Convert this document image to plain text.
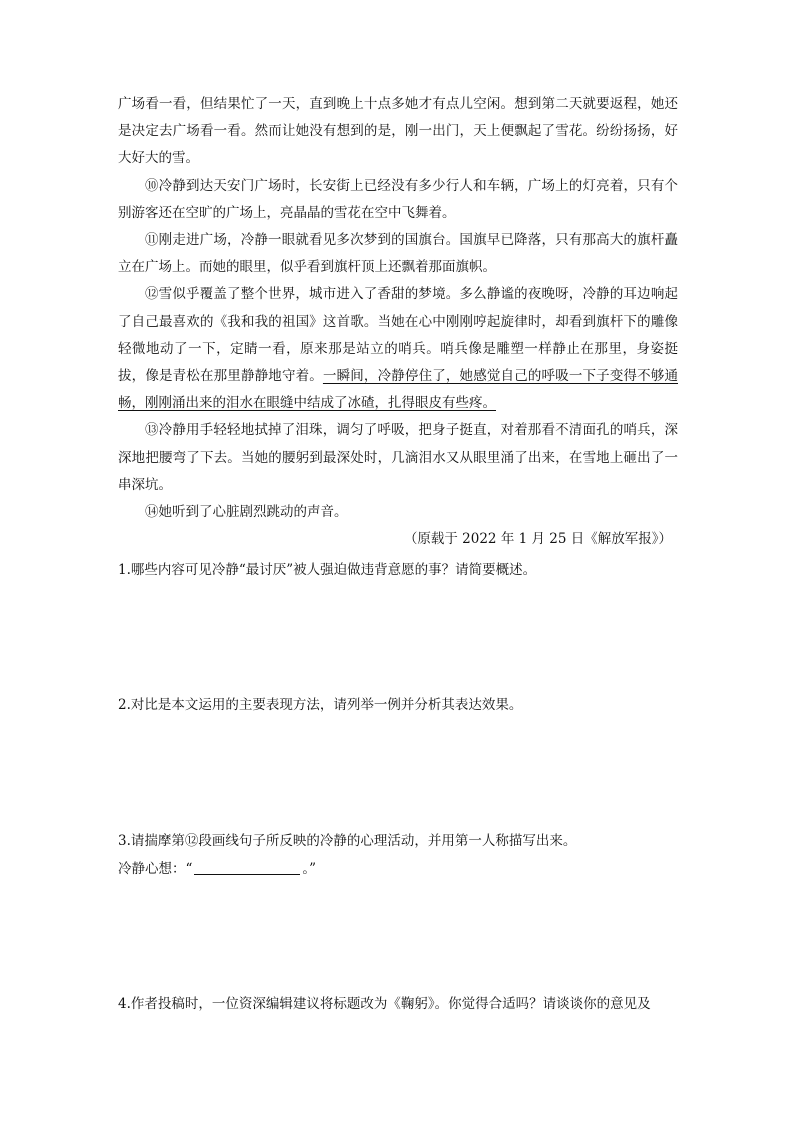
广场看一看，但结果忙了一天，直到晚上十点多她才有点儿空闲。想到第二天就要返程，她还是决定去广场看一看。然而让她没有想到的是，刚一出门，天上便飘起了雪花。纷纷扬扬，好大好大的雪。

⑩冷静到达天安门广场时，长安街上已经没有多少行人和车辆，广场上的灯亮着，只有个别游客还在空旷的广场上，亮晶晶的雪花在空中飞舞着。

⑪刚走进广场，冷静一眼就看见多次梦到的国旗台。国旗早已降落，只有那高大的旗杆矗立在广场上。而她的眼里，似乎看到旗杆顶上还飘着那面旗帜。

⑫雪似乎覆盖了整个世界，城市进入了香甜的梦境。多么静谧的夜晚呀，冷静的耳边响起了自己最喜欢的《我和我的祖国》这首歌。当她在心中刚刚哼起旋律时，却看到旗杆下的雕像轻微地动了一下，定睛一看，原来那是站立的哨兵。哨兵像是雕塑一样静止在那里，身姿挺拔，像是青松在那里静静地守着。一瞬间，冷静停住了，她感觉自己的呼吸一下子变得不够通畅，刚刚涌出来的泪水在眼缝中结成了冰碴，扎得眼皮有些疼。

⑬冷静用手轻轻地拭掉了泪珠，调匀了呼吸，把身子挺直，对着那看不清面孔的哨兵，深深地把腰弯了下去。当她的腰躬到最深处时，几滴泪水又从眼里涌了出来，在雪地上砸出了一串深坑。

⑭她听到了心脏剧烈跳动的声音。

（原载于 2022 年 1 月 25 日《解放军报》）

1.哪些内容可见冷静“最讨厌”被人强迫做违背意愿的事？请简要概述。

2.对比是本文运用的主要表现方法，请列举一例并分析其表达效果。

3.请揣摩第⑫段画线句子所反映的冷静的心理活动，并用第一人称描写出来。

冷静心想：“	。”

4.作者投稿时，一位资深编辑建议将标题改为《鞠躬》。你觉得合适吗？请谈谈你的意见及
